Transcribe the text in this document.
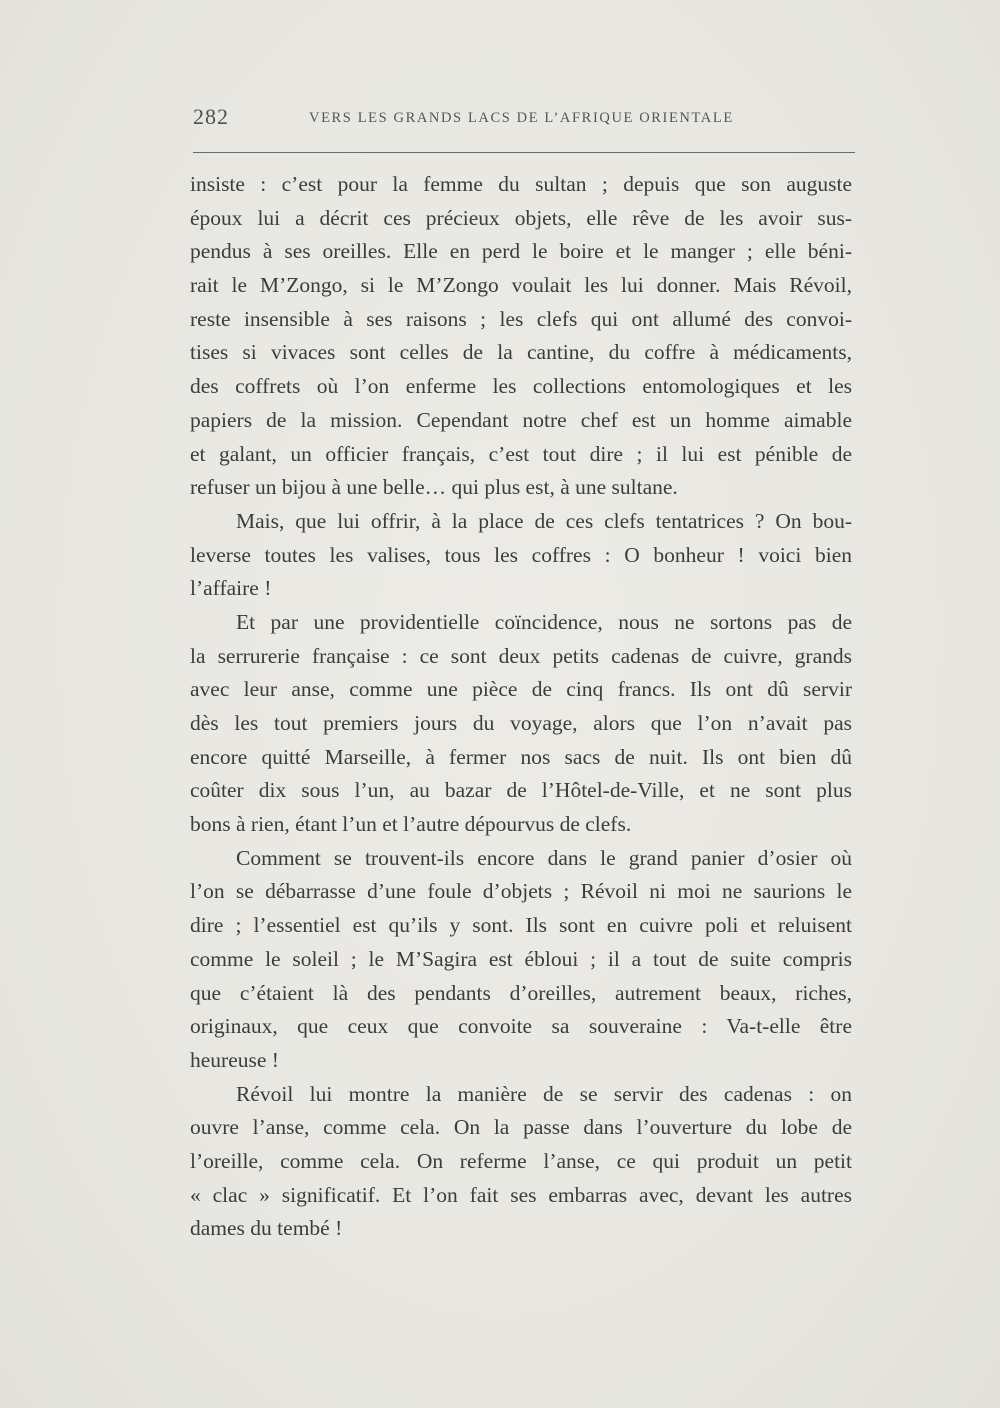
282	VERS LES GRANDS LACS DE L’AFRIQUE ORIENTALE
insiste : c’est pour la femme du sultan ; depuis que son auguste
époux lui a décrit ces précieux objets, elle rêve de les avoir sus-
pendus à ses oreilles. Elle en perd le boire et le manger ; elle béni-
rait le M’Zongo, si le M’Zongo voulait les lui donner. Mais Révoil,
reste insensible à ses raisons ; les clefs qui ont allumé des convoi-
tises si vivaces sont celles de la cantine, du coffre à médicaments,
des coffrets où l’on enferme les collections entomologiques et les
papiers de la mission. Cependant notre chef est un homme aimable
et galant, un officier français, c’est tout dire ; il lui est pénible de
refuser un bijou à une belle… qui plus est, à une sultane.
Mais, que lui offrir, à la place de ces clefs tentatrices ? On bou-
leverse toutes les valises, tous les coffres : O bonheur ! voici bien
l’affaire !
Et par une providentielle coïncidence, nous ne sortons pas de
la serrurerie française : ce sont deux petits cadenas de cuivre, grands
avec leur anse, comme une pièce de cinq francs. Ils ont dû servir
dès les tout premiers jours du voyage, alors que l’on n’avait pas
encore quitté Marseille, à fermer nos sacs de nuit. Ils ont bien dû
coûter dix sous l’un, au bazar de l’Hôtel-de-Ville, et ne sont plus
bons à rien, étant l’un et l’autre dépourvus de clefs.
Comment se trouvent-ils encore dans le grand panier d’osier où
l’on se débarrasse d’une foule d’objets ; Révoil ni moi ne saurions le
dire ; l’essentiel est qu’ils y sont. Ils sont en cuivre poli et reluisent
comme le soleil ; le M’Sagira est ébloui ; il a tout de suite compris
que c’étaient là des pendants d’oreilles, autrement beaux, riches,
originaux, que ceux que convoite sa souveraine : Va-t-elle être
heureuse !
Révoil lui montre la manière de se servir des cadenas : on
ouvre l’anse, comme cela. On la passe dans l’ouverture du lobe de
l’oreille, comme cela. On referme l’anse, ce qui produit un petit
« clac » significatif. Et l’on fait ses embarras avec, devant les autres
dames du tembé !
